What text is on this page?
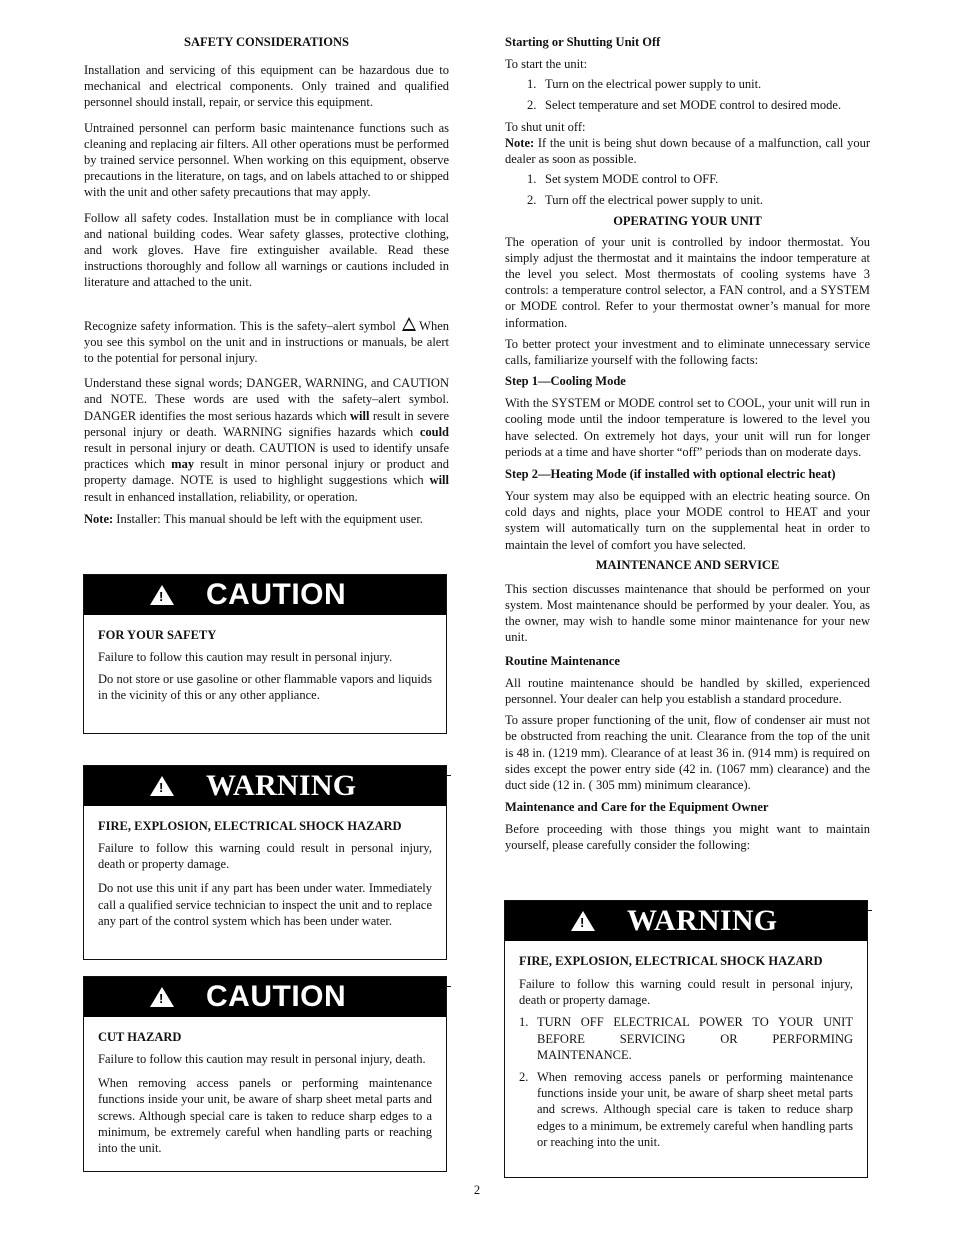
SAFETY CONSIDERATIONS

Installation and servicing of this equipment can be hazardous due to mechanical and electrical components. Only trained and qualified personnel should install, repair, or service this equipment.

Untrained personnel can perform basic maintenance functions such as cleaning and replacing air filters. All other operations must be performed by trained service personnel. When working on this equipment, observe precautions in the literature, on tags, and on labels attached to or shipped with the unit and other safety precautions that may apply.

Follow all safety codes. Installation must be in compliance with local and national building codes. Wear safety glasses, protective clothing, and work gloves. Have fire extinguisher available. Read these instructions thoroughly and follow all warnings or cautions included in literature and attached to the unit.

Recognize safety information. This is the safety–alert symbol When you see this symbol on the unit and in instructions or manuals, be alert to the potential for personal injury.

Understand these signal words; DANGER, WARNING, and CAUTION and NOTE. These words are used with the safety–alert symbol. DANGER identifies the most serious hazards which will result in severe personal injury or death. WARNING signifies hazards which could result in personal injury or death. CAUTION is used to identify unsafe practices which may result in minor personal injury or product and property damage. NOTE is used to highlight suggestions which will result in enhanced installation, reliability, or operation.

Note: Installer: This manual should be left with the equipment user.

!
CAUTION

FOR YOUR SAFETY

Failure to follow this caution may result in personal injury.

Do not store or use gasoline or other flammable vapors and liquids in the vicinity of this or any other appliance.

!
WARNING

FIRE, EXPLOSION, ELECTRICAL SHOCK HAZARD

Failure to follow this warning could result in personal injury, death or property damage.

Do not use this unit if any part has been under water. Immediately call a qualified service technician to inspect the unit and to replace any part of the control system which has been under water.

!
CAUTION

CUT HAZARD

Failure to follow this caution may result in personal injury, death.

When removing access panels or performing maintenance functions inside your unit, be aware of sharp sheet metal parts and screws. Although special care is taken to reduce sharp edges to a minimum, be extremely careful when handling parts or reaching into the unit.

Starting or Shutting Unit Off

To start the unit:

1. Turn on the electrical power supply to unit.
2. Select temperature and set MODE control to desired mode.

To shut unit off:

Note: If the unit is being shut down because of a malfunction, call your dealer as soon as possible.

1. Set system MODE control to OFF.
2. Turn off the electrical power supply to unit.

OPERATING YOUR UNIT

The operation of your unit is controlled by indoor thermostat. You simply adjust the thermostat and it maintains the indoor temperature at the level you select. Most thermostats of cooling systems have 3 controls: a temperature control selector, a FAN control, and a SYSTEM or MODE control. Refer to your thermostat owner’s manual for more information.

To better protect your investment and to eliminate unnecessary service calls, familiarize yourself with the following facts:

Step 1—Cooling Mode

With the SYSTEM or MODE control set to COOL, your unit will run in cooling mode until the indoor temperature is lowered to the level you have selected. On extremely hot days, your unit will run for longer periods at a time and have shorter “off” periods than on moderate days.

Step 2—Heating Mode (if installed with optional electric heat)

Your system may also be equipped with an electric heating source. On cold days and nights, place your MODE control to HEAT and your system will automatically turn on the supplemental heat in order to maintain the level of comfort you have selected.

MAINTENANCE AND SERVICE

This section discusses maintenance that should be performed on your system. Most maintenance should be performed by your dealer. You, as the owner, may wish to handle some minor maintenance for your new unit.

Routine Maintenance

All routine maintenance should be handled by skilled, experienced personnel. Your dealer can help you establish a standard procedure.

To assure proper functioning of the unit, flow of condenser air must not be obstructed from reaching the unit. Clearance from the top of the unit is 48 in. (1219 mm). Clearance of at least 36 in. (914 mm) is required on sides except the power entry side (42 in. (1067 mm) clearance) and the duct side (12 in. ( 305 mm) minimum clearance).

Maintenance and Care for the Equipment Owner

Before proceeding with those things you might want to maintain yourself, please carefully consider the following:

!
WARNING

FIRE, EXPLOSION, ELECTRICAL SHOCK HAZARD

Failure to follow this warning could result in personal injury, death or property damage.

1. TURN OFF ELECTRICAL POWER TO YOUR UNIT BEFORE SERVICING OR PERFORMING MAINTENANCE.
2. When removing access panels or performing maintenance functions inside your unit, be aware of sharp sheet metal parts and screws. Although special care is taken to reduce sharp edges to a minimum, be extremely careful when handling parts or reaching into the unit.
2
